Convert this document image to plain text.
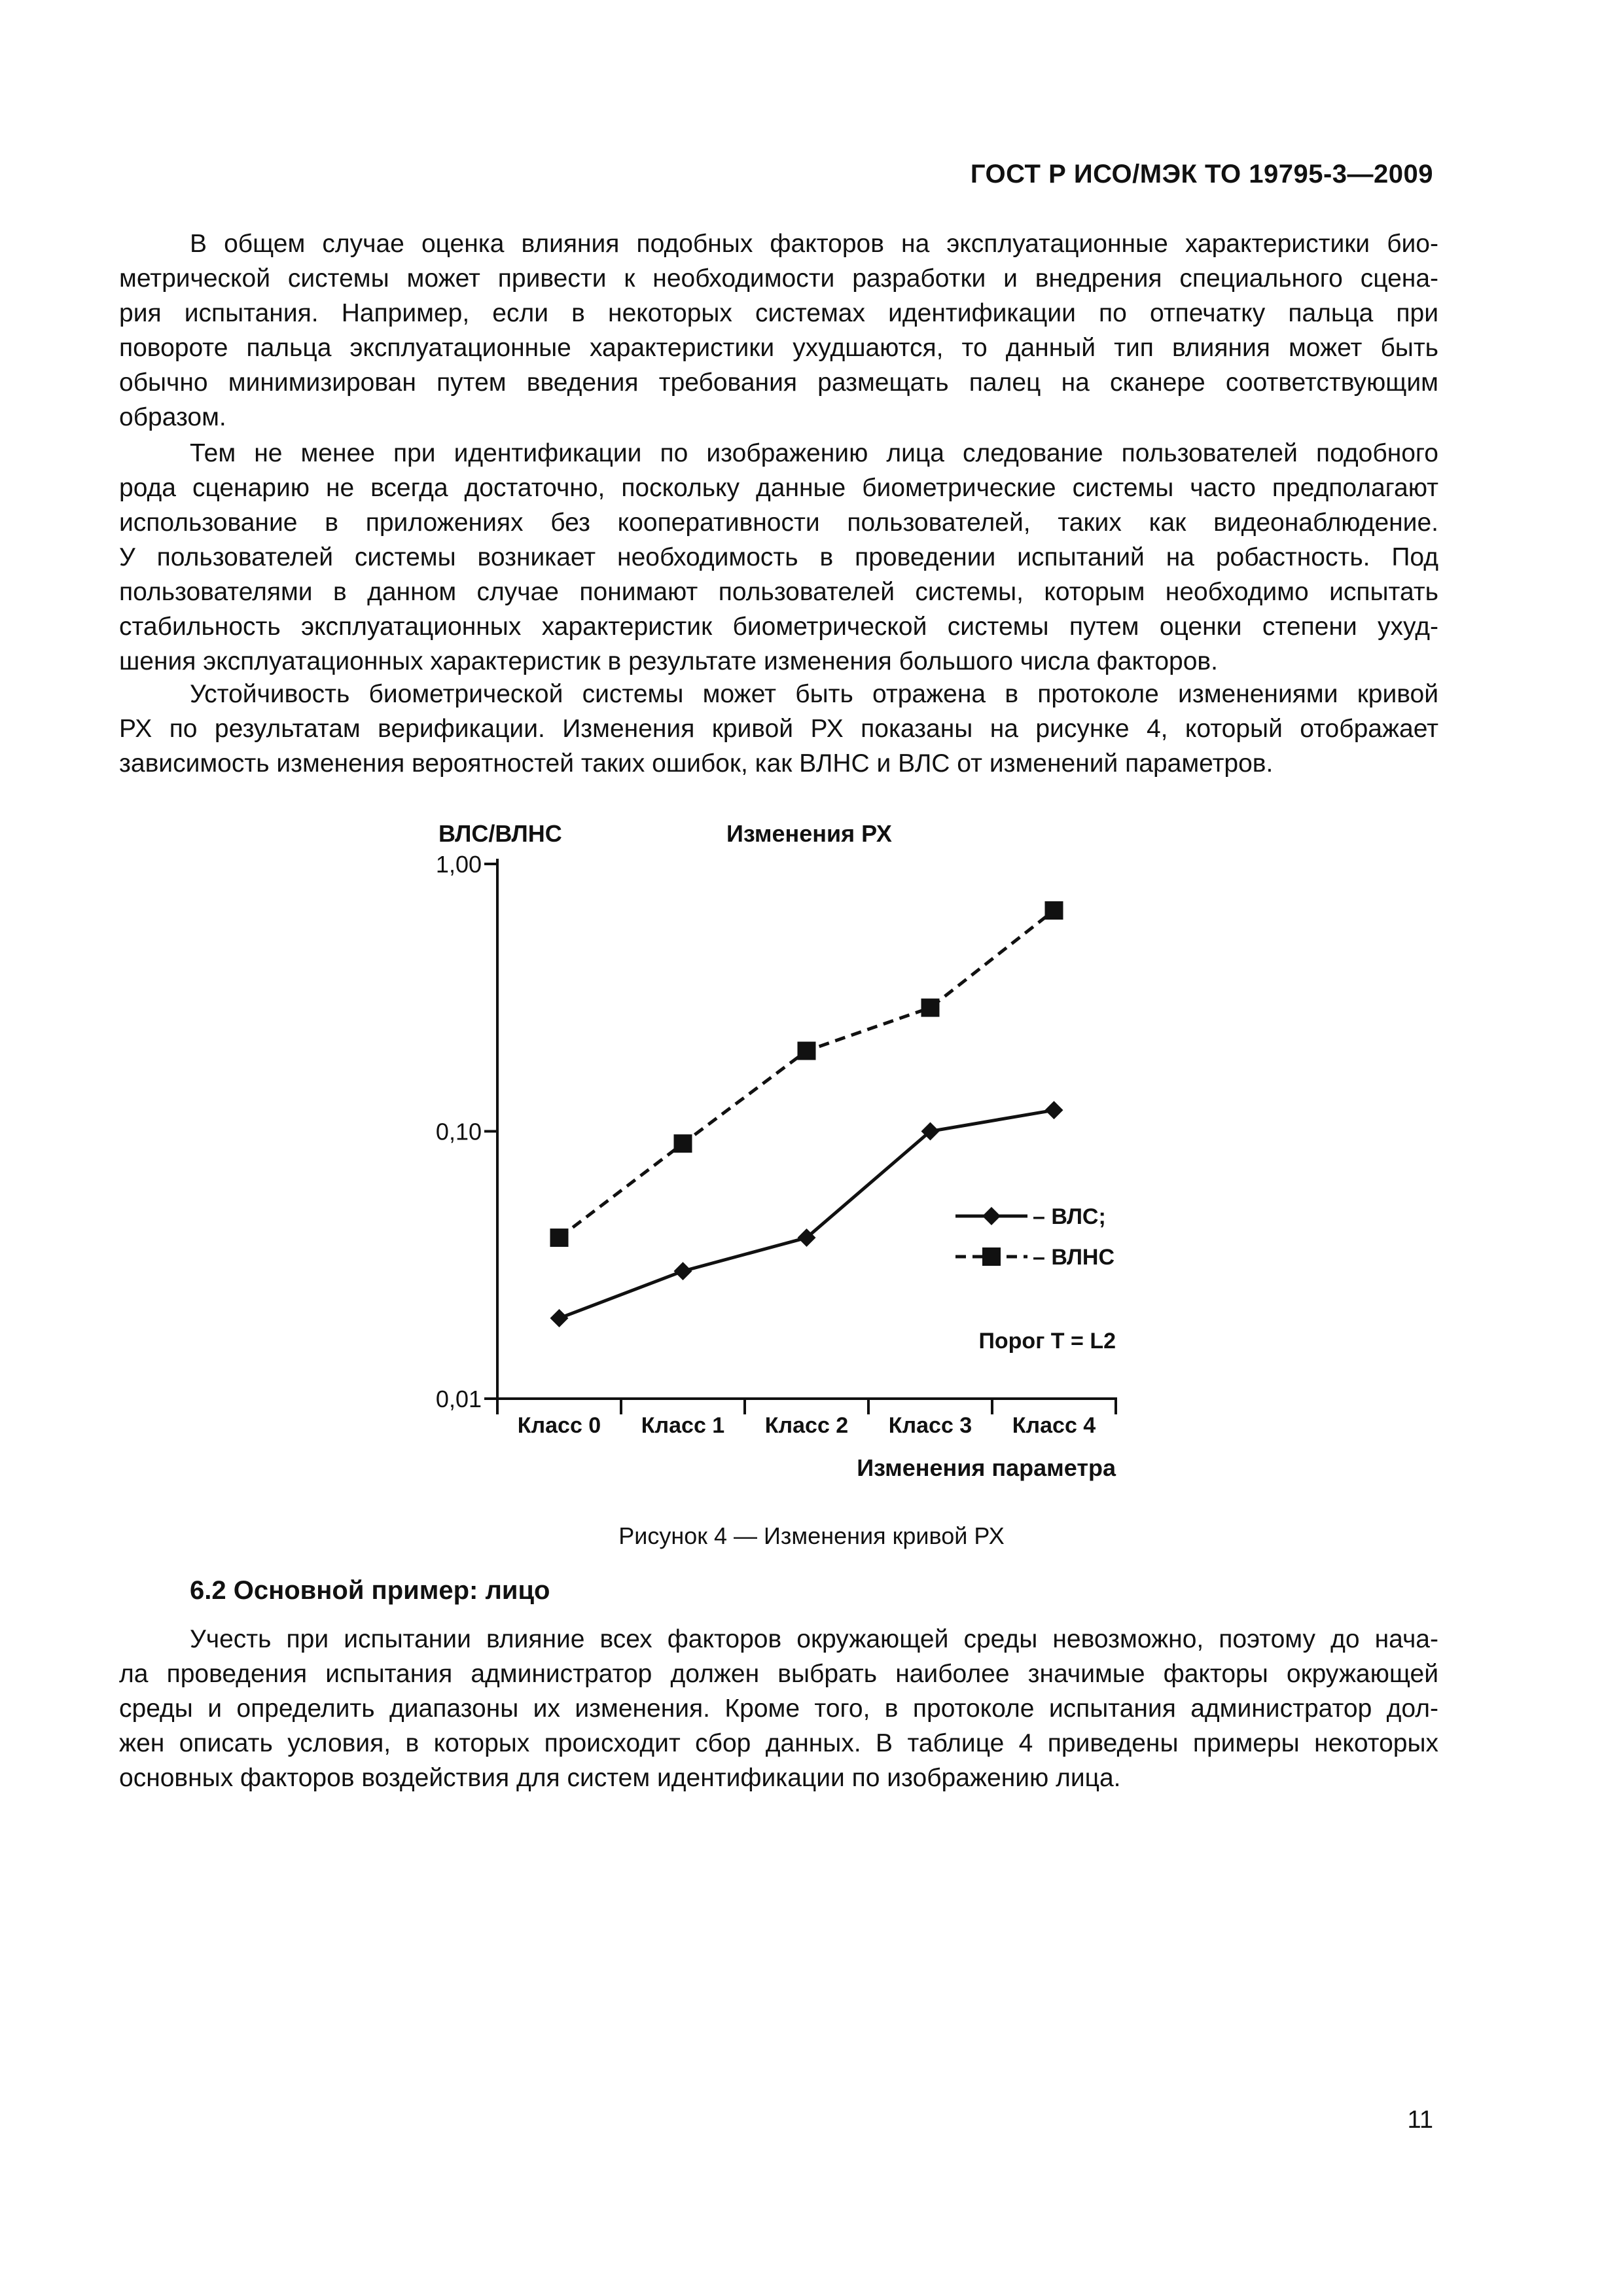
ГОСТ Р ИСО/МЭК ТО 19795-3—2009
В общем случае оценка влияния подобных факторов на эксплуатационные характеристики био-
метрической системы может привести к необходимости разработки и внедрения специального сцена-
рия испытания. Например, если в некоторых системах идентификации по отпечатку пальца при
повороте пальца эксплуатационные характеристики ухудшаются, то данный тип влияния может быть
обычно минимизирован путем введения требования размещать палец на сканере соответствующим
образом.
Тем не менее при идентификации по изображению лица следование пользователей подобного
рода сценарию не всегда достаточно, поскольку данные биометрические системы часто предполагают
использование в приложениях без кооперативности пользователей, таких как видеонаблюдение.
У пользователей системы возникает необходимость в проведении испытаний на робастность. Под
пользователями в данном случае понимают пользователей системы, которым необходимо испытать
стабильность эксплуатационных характеристик биометрической системы путем оценки степени ухуд-
шения эксплуатационных характеристик в результате изменения большого числа факторов.
Устойчивость биометрической системы может быть отражена в протоколе изменениями кривой
РХ по результатам верификации. Изменения кривой РХ показаны на рисунке 4, который отображает
зависимость изменения вероятностей таких ошибок, как ВЛНС и ВЛС от изменений параметров.
0,01
0,10
1,00
Класс 0 Класс 1 Класс 2 Класс 3 Класс 4
ВЛС/ВЛНС	Изменения РХ
Изменения параметра
– ВЛС;
– ВЛНС
Порог T = L2
Рисунок 4 — Изменения кривой РХ
6.2 Основной пример: лицо
Учесть при испытании влияние всех факторов окружающей среды невозможно, поэтому до нача-
ла проведения испытания администратор должен выбрать наиболее значимые факторы окружающей
среды и определить диапазоны их изменения. Кроме того, в протоколе испытания администратор дол-
жен описать условия, в которых происходит сбор данных. В таблице 4 приведены примеры некоторых
основных факторов воздействия для систем идентификации по изображению лица.
11
